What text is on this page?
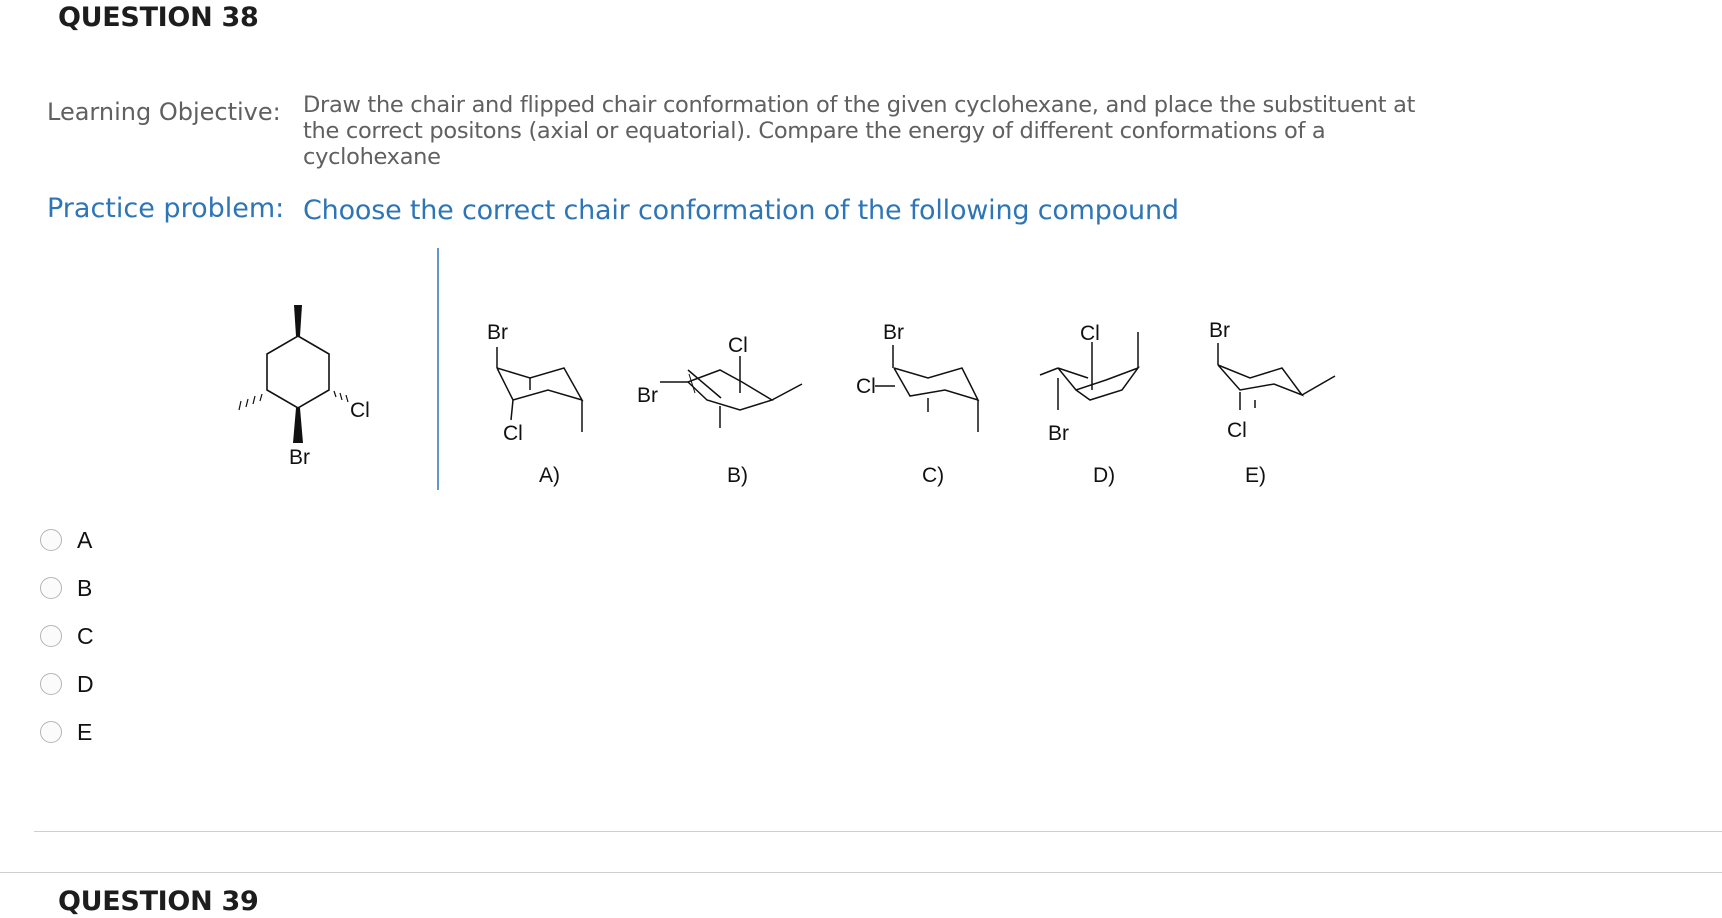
QUESTION 38
Learning Objective: Draw the chair and flipped chair conformation of the given cyclohexane, and place the substituent at the correct positons (axial or equatorial). Compare the energy of different conformations of a cyclohexane
Practice problem: Choose the correct chair conformation of the following compound
Cl
Br
Br
Cl
A)
Cl
Br
B)
Br
Cl
C)
Cl
Br
D)
Br
Cl
E)
A
B
C
D
E
QUESTION 39
